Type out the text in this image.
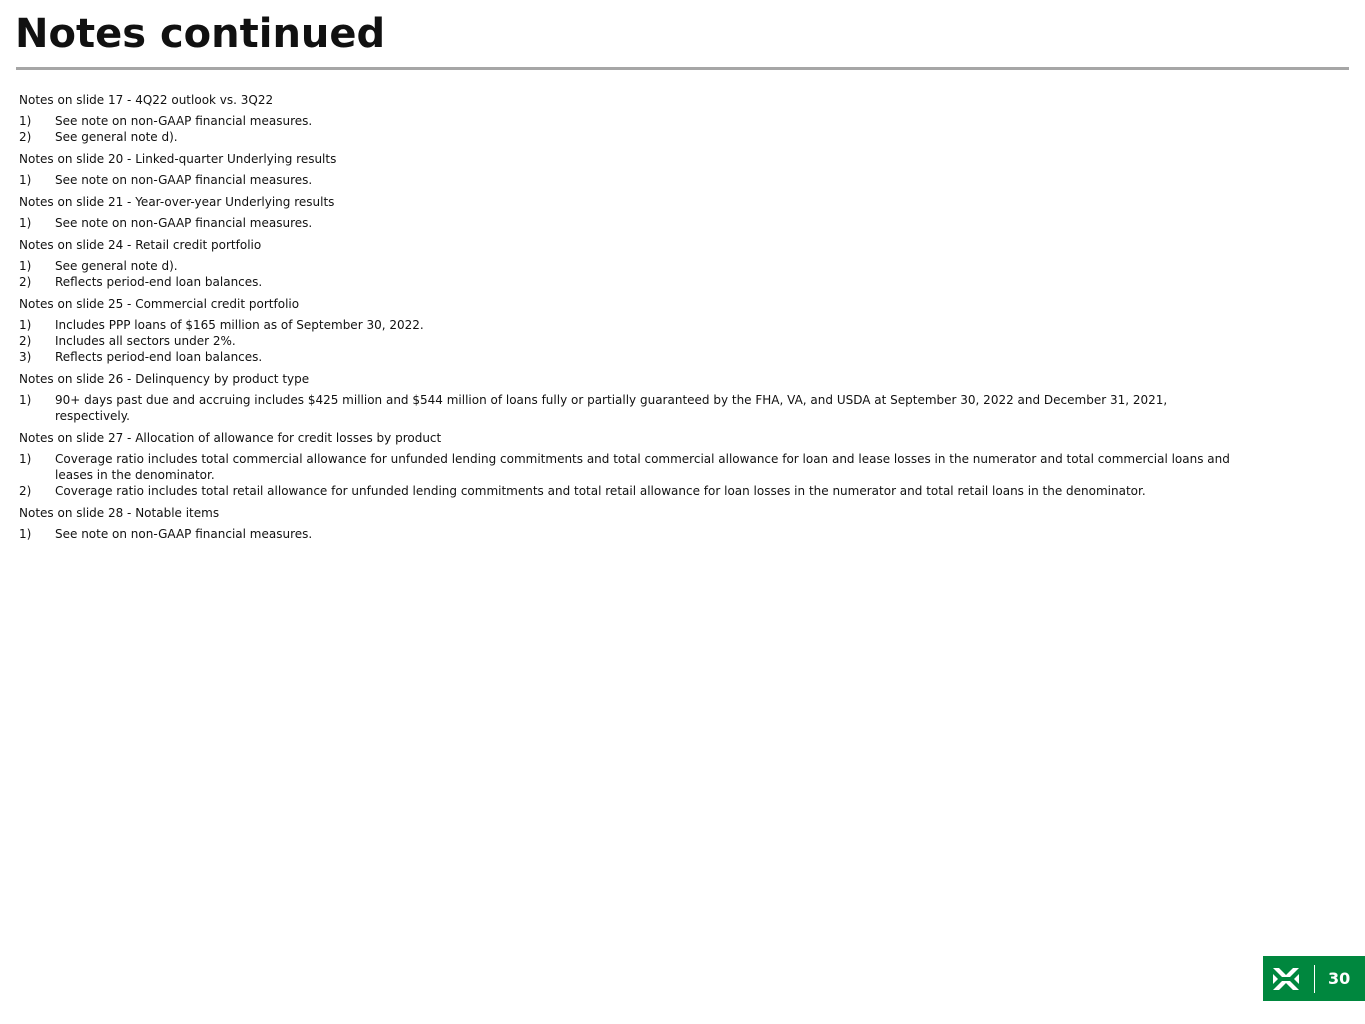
Notes continued
Notes on slide 17 - 4Q22 outlook vs. 3Q22
1)	See note on non-GAAP financial measures.
2)	See general note d).
Notes on slide 20 - Linked-quarter Underlying results
1)	See note on non-GAAP financial measures.
Notes on slide 21 - Year-over-year Underlying results
1)	See note on non-GAAP financial measures.
Notes on slide 24 - Retail credit portfolio
1)	See general note d).
2)	Reflects period-end loan balances.
Notes on slide 25 - Commercial credit portfolio
1)	Includes PPP loans of $165 million as of September 30, 2022.
2)	Includes all sectors under 2%.
3)	Reflects period-end loan balances.
Notes on slide 26 - Delinquency by product type
1)	90+ days past due and accruing includes $425 million and $544 million of loans fully or partially guaranteed by the FHA, VA, and USDA at September 30, 2022 and December 31, 2021, respectively.
Notes on slide 27 - Allocation of allowance for credit losses by product
1)	Coverage ratio includes total commercial allowance for unfunded lending commitments and total commercial allowance for loan and lease losses in the numerator and total commercial loans and leases in the denominator.
2)	Coverage ratio includes total retail allowance for unfunded lending commitments and total retail allowance for loan losses in the numerator and total retail loans in the denominator.
Notes on slide 28 - Notable items
1)	See note on non-GAAP financial measures.
30
